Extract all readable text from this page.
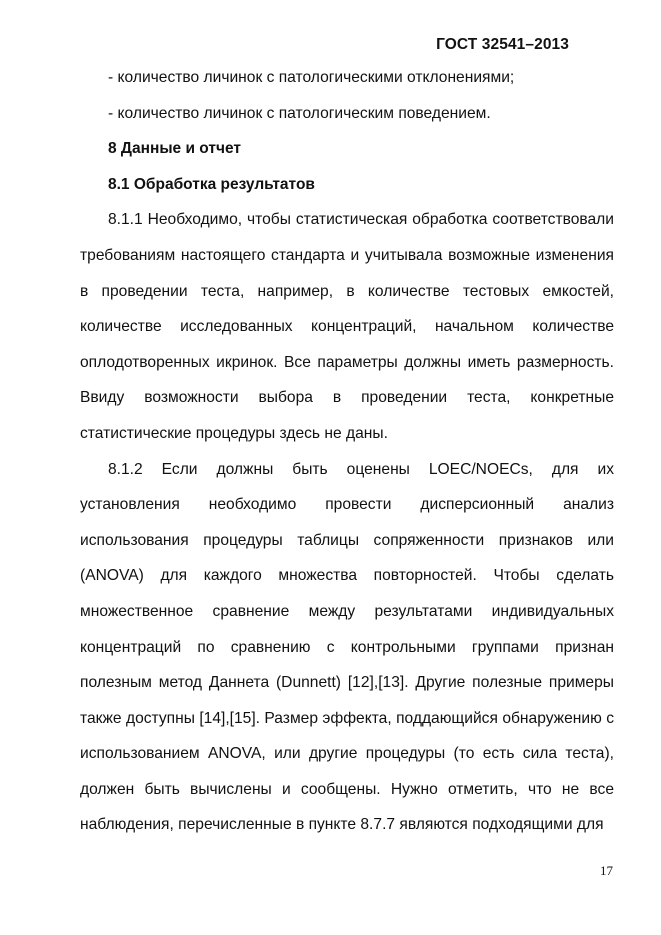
ГОСТ 32541–2013

- количество личинок с патологическими отклонениями;

- количество личинок с патологическим поведением.

8 Данные и отчет

8.1 Обработка результатов

8.1.1 Необходимо, чтобы статистическая обработка соответствовали требованиям настоящего стандарта и учитывала возможные изменения в проведении теста, например, в количестве тестовых емкостей, количестве исследованных концентраций, начальном количестве оплодотворенных икринок. Все параметры должны иметь размерность. Ввиду возможности выбора в проведении теста, конкретные статистические процедуры здесь не даны.

8.1.2 Если должны быть оценены LOEC/NOECs, для их установления необходимо провести дисперсионный анализ использования процедуры таблицы сопряженности признаков или (ANOVA) для каждого множества повторностей. Чтобы сделать множественное сравнение между результатами индивидуальных концентраций по сравнению с контрольными группами признан полезным метод Даннета (Dunnett) [12],[13]. Другие полезные примеры также доступны [14],[15]. Размер эффекта, поддающийся обнаружению с использованием ANOVA, или другие процедуры (то есть сила теста), должен быть вычислены и сообщены. Нужно отметить, что не все наблюдения, перечисленные в пункте 8.7.7 являются подходящими для

17
